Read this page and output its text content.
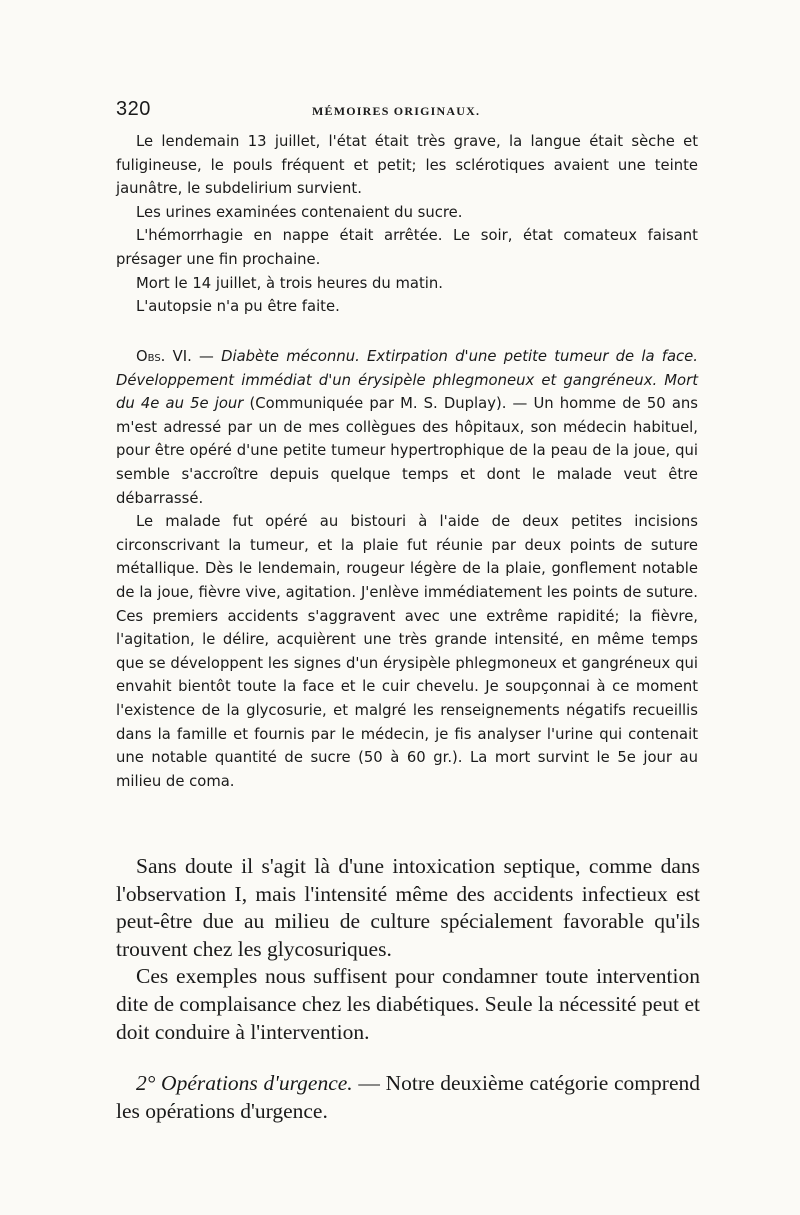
320	MÉMOIRES ORIGINAUX.

Le lendemain 13 juillet, l'état était très grave, la langue était sèche et fuligineuse, le pouls fréquent et petit; les sclérotiques avaient une teinte jaunâtre, le subdelirium survient.

Les urines examinées contenaient du sucre.

L'hémorrhagie en nappe était arrêtée. Le soir, état comateux faisant présager une fin prochaine.

Mort le 14 juillet, à trois heures du matin.

L'autopsie n'a pu être faite.

Obs. VI. — Diabète méconnu. Extirpation d'une petite tumeur de la face. Développement immédiat d'un érysipèle phlegmoneux et gangréneux. Mort du 4e au 5e jour (Communiquée par M. S. Duplay). — Un homme de 50 ans m'est adressé par un de mes collègues des hôpitaux, son médecin habituel, pour être opéré d'une petite tumeur hypertrophique de la peau de la joue, qui semble s'accroître depuis quelque temps et dont le malade veut être débarrassé.

Le malade fut opéré au bistouri à l'aide de deux petites incisions circonscrivant la tumeur, et la plaie fut réunie par deux points de suture métallique. Dès le lendemain, rougeur légère de la plaie, gonflement notable de la joue, fièvre vive, agitation. J'enlève immédiatement les points de suture. Ces premiers accidents s'aggravent avec une extrême rapidité; la fièvre, l'agitation, le délire, acquièrent une très grande intensité, en même temps que se développent les signes d'un érysipèle phlegmoneux et gangréneux qui envahit bientôt toute la face et le cuir chevelu. Je soupçonnai à ce moment l'existence de la glycosurie, et malgré les renseignements négatifs recueillis dans la famille et fournis par le médecin, je fis analyser l'urine qui contenait une notable quantité de sucre (50 à 60 gr.). La mort survint le 5e jour au milieu de coma.

Sans doute il s'agit là d'une intoxication septique, comme dans l'observation I, mais l'intensité même des accidents infectieux est peut-être due au milieu de culture spécialement favorable qu'ils trouvent chez les glycosuriques.

Ces exemples nous suffisent pour condamner toute intervention dite de complaisance chez les diabétiques. Seule la nécessité peut et doit conduire à l'intervention.

2° Opérations d'urgence. — Notre deuxième catégorie comprend les opérations d'urgence.
